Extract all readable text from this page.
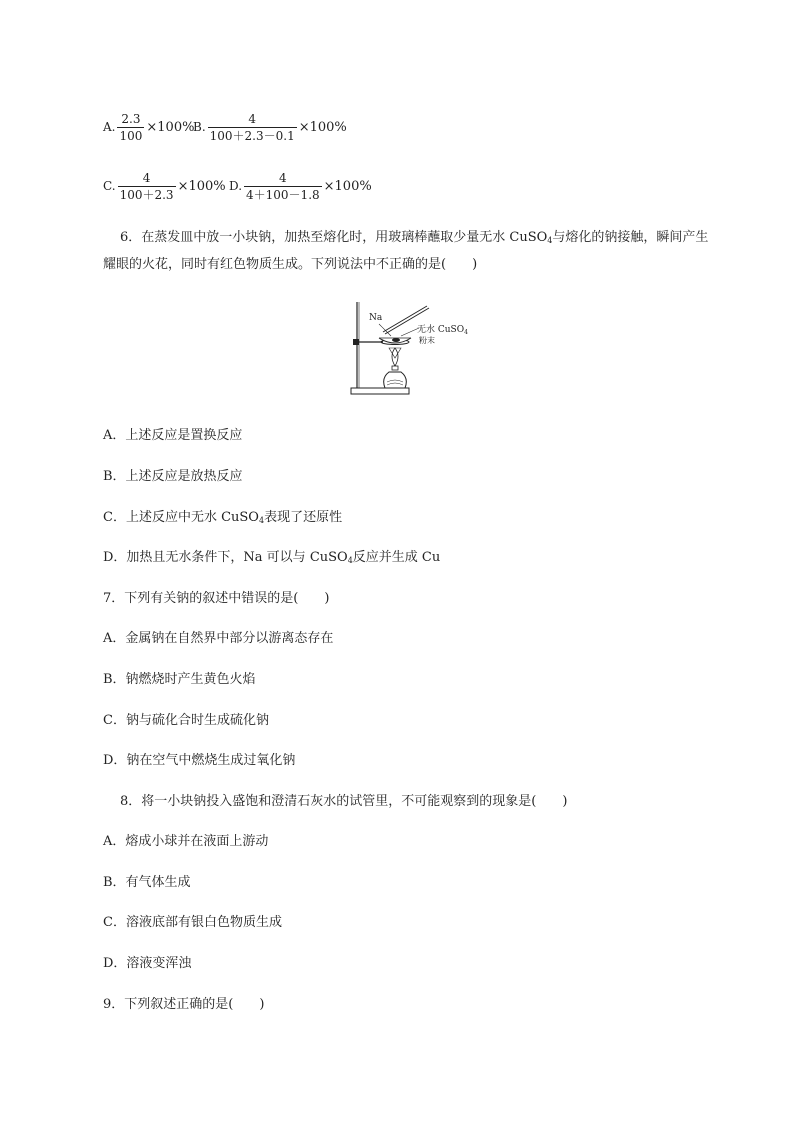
A. $\frac{2.3}{100} \times 100\%$
B. $\frac{4}{100+2.3-0.1} \times 100\%$
C. $\frac{4}{100+2.3} \times 100\%$ D. $\frac{4}{4+100-1.8} \times 100\%$
6．在蒸发皿中放一小块钠，加热至熔化时，用玻璃棒蘸取少量无水 CuSO$_4$与熔化的钠接触，瞬间产生
耀眼的火花，同时有红色物质生成。下列说法中不正确的是(　　)
Na
无水 CuSO$_4$
粉末
A．上述反应是置换反应
B．上述反应是放热反应
C．上述反应中无水 CuSO$_4$表现了还原性
D．加热且无水条件下，Na 可以与 CuSO$_4$反应并生成 Cu
7．下列有关钠的叙述中错误的是(　　)
A．金属钠在自然界中部分以游离态存在
B．钠燃烧时产生黄色火焰
C．钠与硫化合时生成硫化钠
D．钠在空气中燃烧生成过氧化钠
8．将一小块钠投入盛饱和澄清石灰水的试管里，不可能观察到的现象是(　　)
A．熔成小球并在液面上游动
B．有气体生成
C．溶液底部有银白色物质生成
D．溶液变浑浊
9．下列叙述正确的是(　　)
